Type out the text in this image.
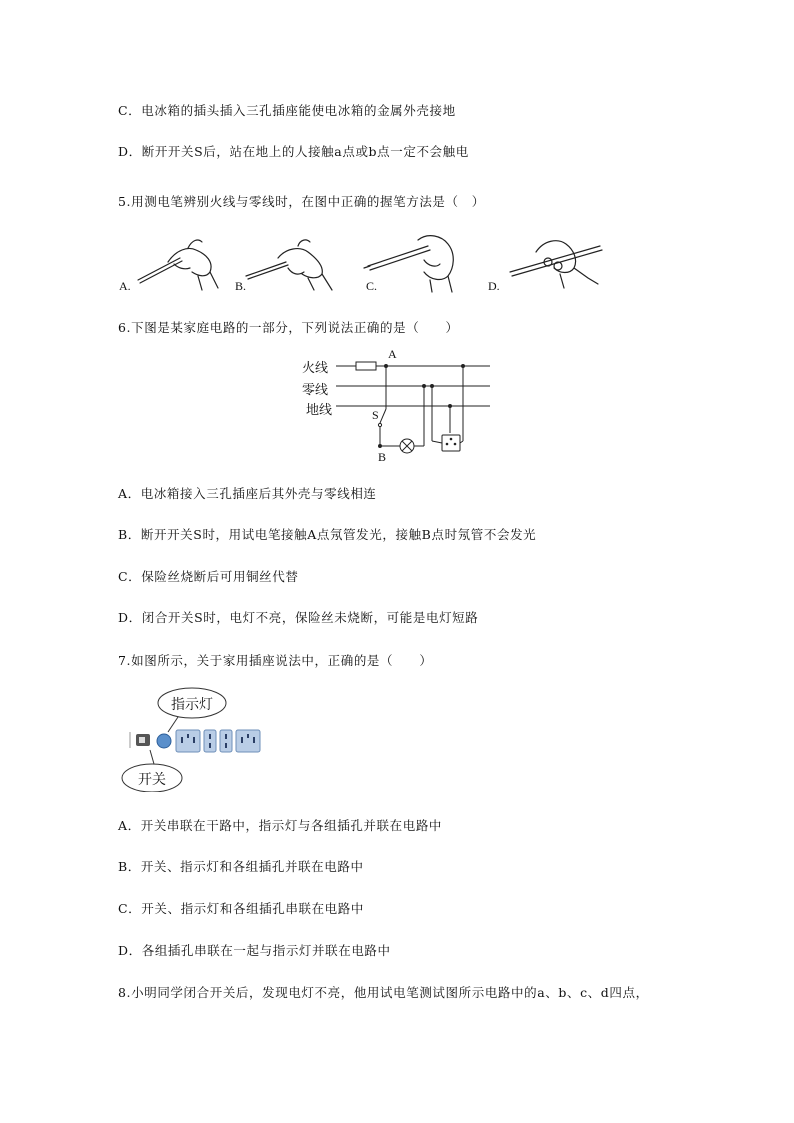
C．电冰箱的插头插入三孔插座能使电冰箱的金属外壳接地
D．断开开关S后，站在地上的人接触a点或b点一定不会触电
5.用测电笔辨别火线与零线时，在图中正确的握笔方法是（　）
A.	B.	C.	D.
6.下图是某家庭电路的一部分，下列说法正确的是（　　）
火线
零线
地线
A
S
B
A．电冰箱接入三孔插座后其外壳与零线相连
B．断开开关S时，用试电笔接触A点氖管发光，接触B点时氖管不会发光
C．保险丝烧断后可用铜丝代替
D．闭合开关S时，电灯不亮，保险丝未烧断，可能是电灯短路
7.如图所示，关于家用插座说法中，正确的是（　　）
指示灯
开关
A．开关串联在干路中，指示灯与各组插孔并联在电路中
B．开关、指示灯和各组插孔并联在电路中
C．开关、指示灯和各组插孔串联在电路中
D．各组插孔串联在一起与指示灯并联在电路中
8.小明同学闭合开关后，发现电灯不亮，他用试电笔测试图所示电路中的a、b、c、d四点，
